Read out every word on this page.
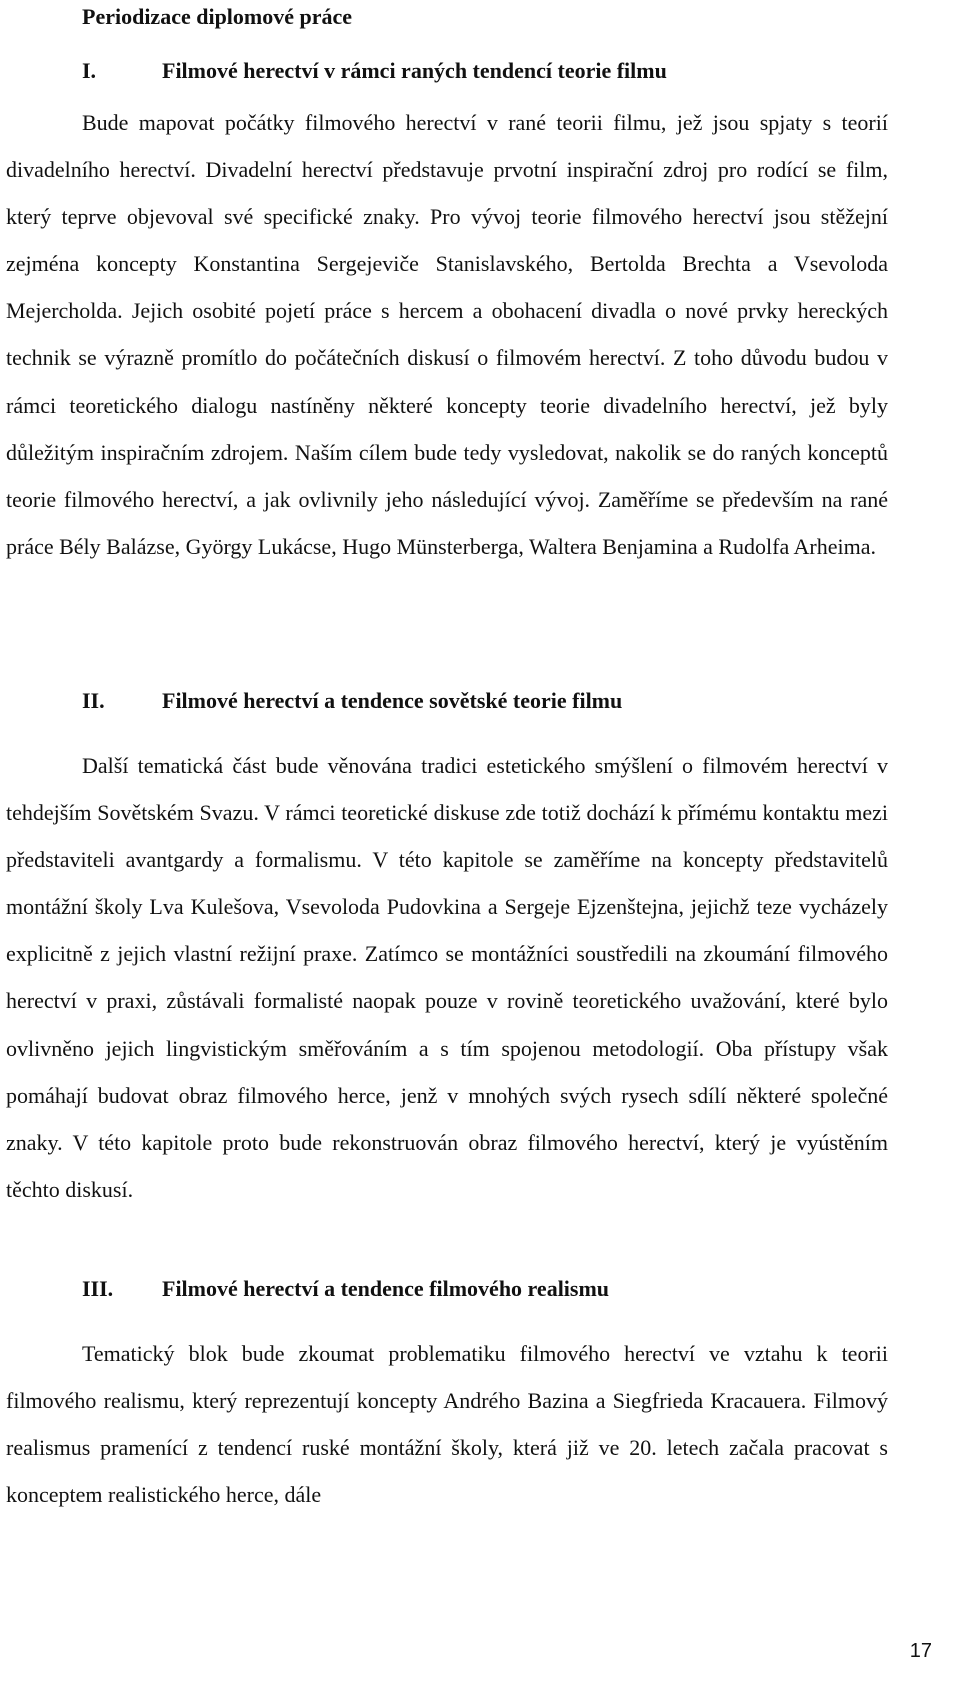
Periodizace diplomové práce
I.	Filmové herectví v rámci raných tendencí teorie filmu

Bude mapovat počátky filmového herectví v rané teorii filmu, jež jsou spjaty s teorií divadelního herectví. Divadelní herectví představuje prvotní inspirační zdroj pro rodící se film, který teprve objevoval své specifické znaky. Pro vývoj teorie filmového herectví jsou stěžejní zejména koncepty Konstantina Sergejeviče Stanislavského, Bertolda Brechta a Vsevoloda Mejercholda. Jejich osobité pojetí práce s hercem a obohacení divadla o nové prvky hereckých technik se výrazně promítlo do počátečních diskusí o filmovém herectví. Z toho důvodu budou v rámci teoretického dialogu nastíněny některé koncepty teorie divadelního herectví, jež byly důležitým inspiračním zdrojem. Naším cílem bude tedy vysledovat, nakolik se do raných konceptů teorie filmového herectví, a jak ovlivnily jeho následující vývoj. Zaměříme se především na rané práce Bély Balázse, György Lukácse, Hugo Münsterberga, Waltera Benjamina a Rudolfa Arheima.

II.	Filmové herectví a tendence sovětské teorie filmu

Další tematická část bude věnována tradici estetického smýšlení o filmovém herectví v tehdejším Sovětském Svazu. V rámci teoretické diskuse zde totiž dochází k přímému kontaktu mezi představiteli avantgardy a formalismu. V této kapitole se zaměříme na koncepty představitelů montážní školy Lva Kulešova, Vsevoloda Pudovkina a Sergeje Ejzenštejna, jejichž teze vycházely explicitně z jejich vlastní režijní praxe. Zatímco se montážníci soustředili na zkoumání filmového herectví v praxi, zůstávali formalisté naopak pouze v rovině teoretického uvažování, které bylo ovlivněno jejich lingvistickým směřováním a s tím spojenou metodologií. Oba přístupy však pomáhají budovat obraz filmového herce, jenž v mnohých svých rysech sdílí některé společné znaky. V této kapitole proto bude rekonstruován obraz filmového herectví, který je vyústěním těchto diskusí.

III. Filmové herectví a tendence filmového realismu

Tematický blok bude zkoumat problematiku filmového herectví ve vztahu k teorii filmového realismu, který reprezentují koncepty Andrého Bazina a Siegfrieda Kracauera. Filmový realismus pramenící z tendencí ruské montážní školy, která již ve 20. letech začala pracovat s konceptem realistického herce, dále

17
